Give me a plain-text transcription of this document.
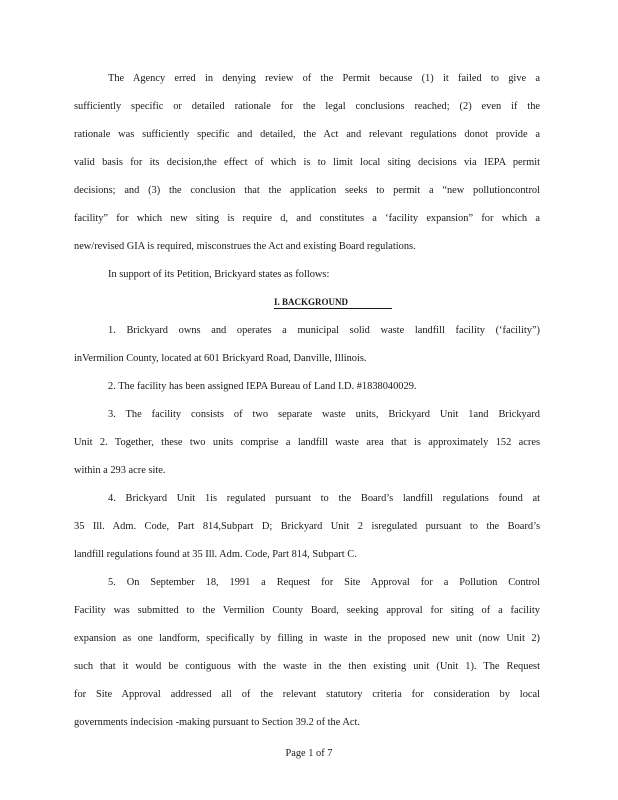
The Agency erred in denying review of the Permit because (1) it failed to give a
sufficiently specific or detailed rationale for the legal conclusions reached; (2) even if the
rationale was sufficiently specific and detailed, the Act and relevant regulations donot provide a
valid basis for its decision,the effect of which is to limit local siting decisions via IEPA permit
decisions; and (3) the conclusion that the application seeks to permit a “new pollutioncontrol
facility” for which new siting is require d, and constitutes a ‘facility expansion” for which a
new/revised GIA is required, misconstrues the Act and existing Board regulations.
In support of its Petition, Brickyard states as follows:
I. BACKGROUND
1. Brickyard owns and operates a municipal solid waste landfill facility (‘facility”)
inVermilion County, located at 601 Brickyard Road, Danville, Illinois.
2. The facility has been assigned IEPA Bureau of Land I.D. #1838040029.
3. The facility consists of two separate waste units, Brickyard Unit 1and Brickyard
Unit 2. Together, these two units comprise a landfill waste area that is approximately 152 acres
within a 293 acre site.
4. Brickyard Unit 1is regulated pursuant to the Board’s landfill regulations found at
35 Ill. Adm. Code, Part 814,Subpart D; Brickyard Unit 2 isregulated pursuant to the Board’s
landfill regulations found at 35 Ill. Adm. Code, Part 814, Subpart C.
5. On September 18, 1991 a Request for Site Approval for a Pollution Control
Facility was submitted to the Vermilion County Board, seeking approval for siting of a facility
expansion as one landform, specifically by filling in waste in the proposed new unit (now Unit 2)
such that it would be contiguous with the waste in the then existing unit (Unit 1). The Request
for Site Approval addressed all of the relevant statutory criteria for consideration by local
governments indecision -making pursuant to Section 39.2 of the Act.
Page 1 of 7
